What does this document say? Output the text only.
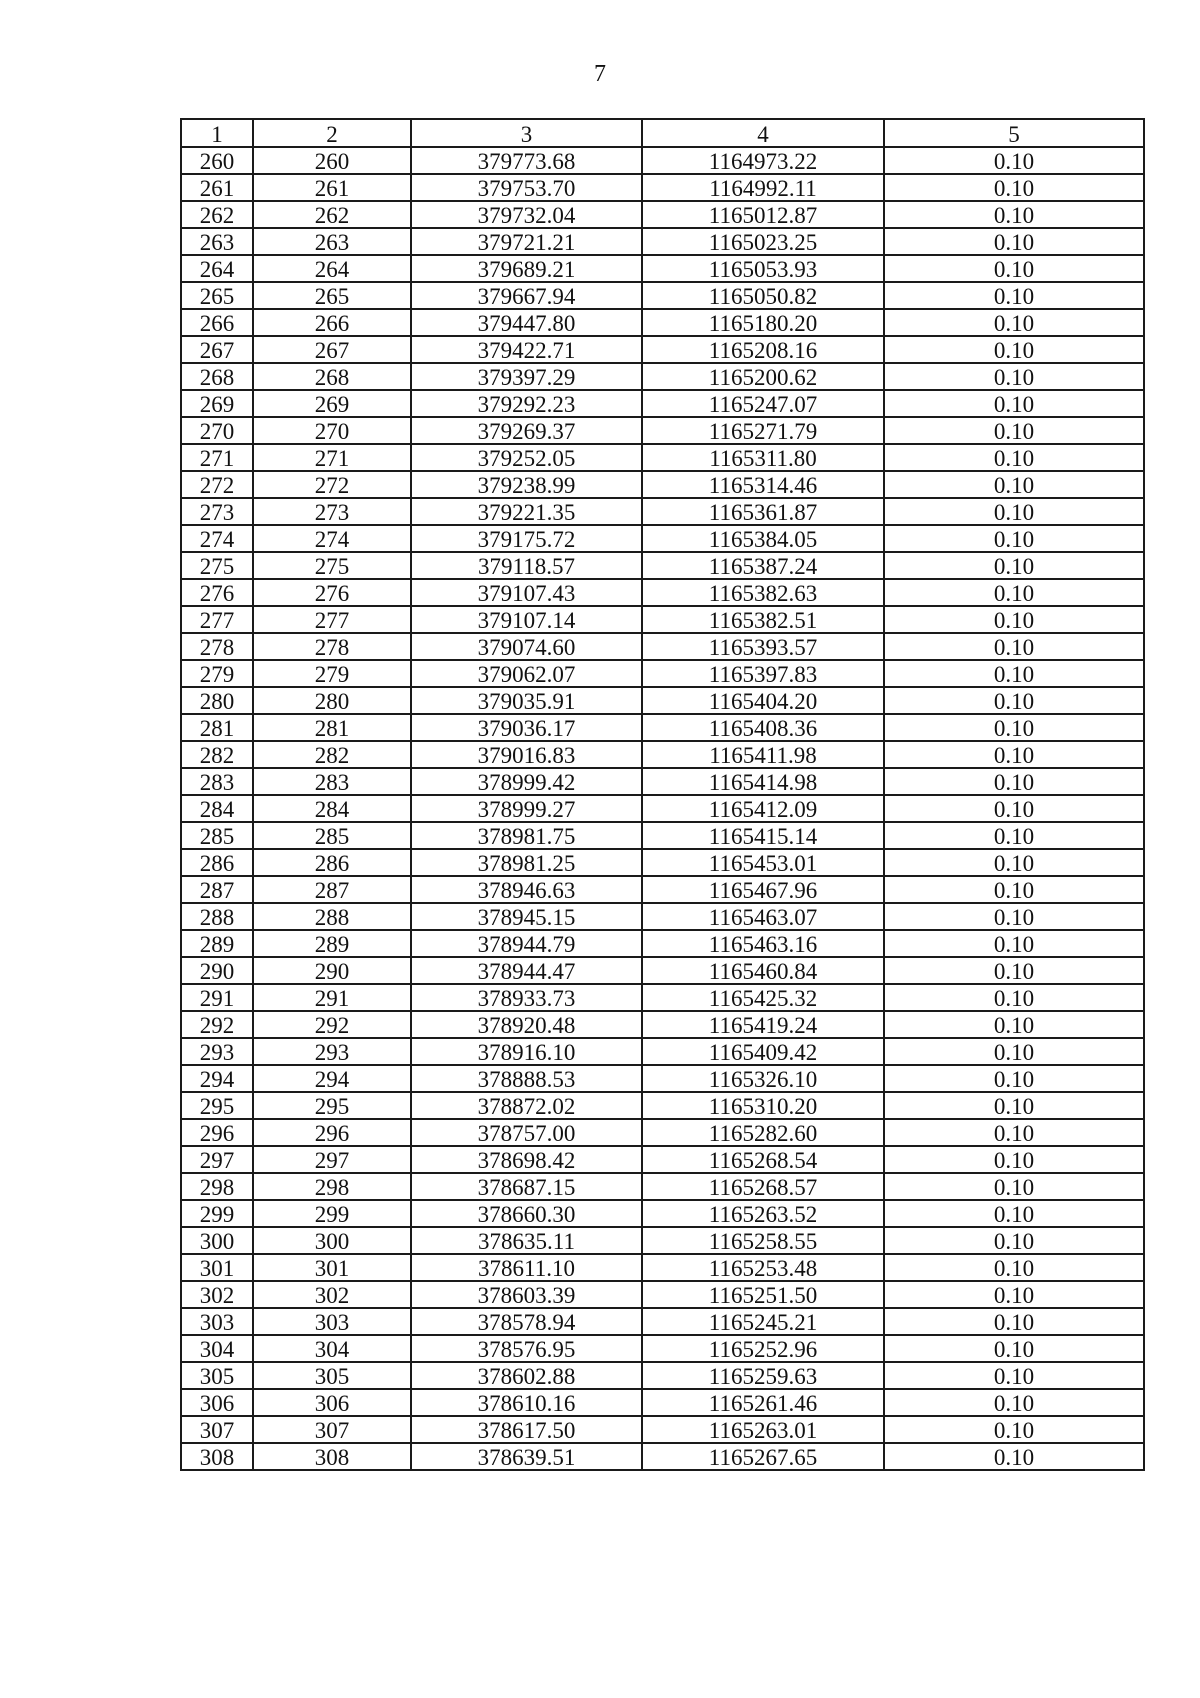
7
1	2	3	4	5
260	260	379773.68	1164973.22	0.10
261	261	379753.70	1164992.11	0.10
262	262	379732.04	1165012.87	0.10
263	263	379721.21	1165023.25	0.10
264	264	379689.21	1165053.93	0.10
265	265	379667.94	1165050.82	0.10
266	266	379447.80	1165180.20	0.10
267	267	379422.71	1165208.16	0.10
268	268	379397.29	1165200.62	0.10
269	269	379292.23	1165247.07	0.10
270	270	379269.37	1165271.79	0.10
271	271	379252.05	1165311.80	0.10
272	272	379238.99	1165314.46	0.10
273	273	379221.35	1165361.87	0.10
274	274	379175.72	1165384.05	0.10
275	275	379118.57	1165387.24	0.10
276	276	379107.43	1165382.63	0.10
277	277	379107.14	1165382.51	0.10
278	278	379074.60	1165393.57	0.10
279	279	379062.07	1165397.83	0.10
280	280	379035.91	1165404.20	0.10
281	281	379036.17	1165408.36	0.10
282	282	379016.83	1165411.98	0.10
283	283	378999.42	1165414.98	0.10
284	284	378999.27	1165412.09	0.10
285	285	378981.75	1165415.14	0.10
286	286	378981.25	1165453.01	0.10
287	287	378946.63	1165467.96	0.10
288	288	378945.15	1165463.07	0.10
289	289	378944.79	1165463.16	0.10
290	290	378944.47	1165460.84	0.10
291	291	378933.73	1165425.32	0.10
292	292	378920.48	1165419.24	0.10
293	293	378916.10	1165409.42	0.10
294	294	378888.53	1165326.10	0.10
295	295	378872.02	1165310.20	0.10
296	296	378757.00	1165282.60	0.10
297	297	378698.42	1165268.54	0.10
298	298	378687.15	1165268.57	0.10
299	299	378660.30	1165263.52	0.10
300	300	378635.11	1165258.55	0.10
301	301	378611.10	1165253.48	0.10
302	302	378603.39	1165251.50	0.10
303	303	378578.94	1165245.21	0.10
304	304	378576.95	1165252.96	0.10
305	305	378602.88	1165259.63	0.10
306	306	378610.16	1165261.46	0.10
307	307	378617.50	1165263.01	0.10
308	308	378639.51	1165267.65	0.10
